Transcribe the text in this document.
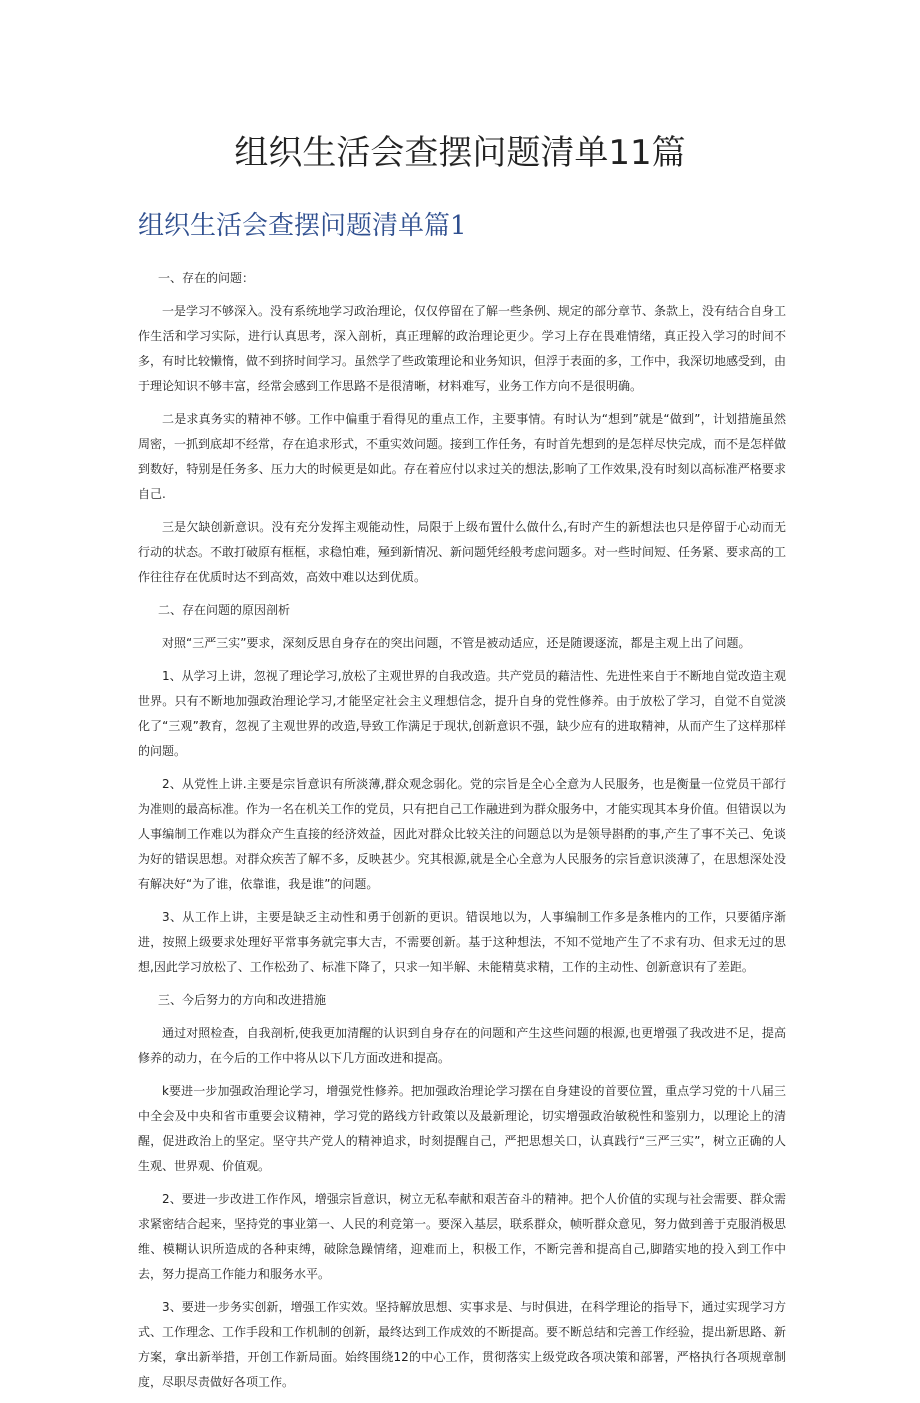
组织生活会查摆问题清单11篇
组织生活会查摆问题清单篇1

一、存在的问题：

一是学习不够深入。没有系统地学习政治理论，仅仅停留在了解一些条例、规定的部分章节、条款上，没有结合自身工作生活和学习实际，进行认真思考，深入剖析，真正理解的政治理论更少。学习上存在畏难情绪，真正投入学习的时间不多，有时比较懒惰，做不到挤时间学习。虽然学了些政策理论和业务知识，但浮于表面的多，工作中，我深切地感受到，由于理论知识不够丰富，经常会感到工作思路不是很清晰，材料难写，业务工作方向不是很明确。

二是求真务实的精神不够。工作中偏重于看得见的重点工作，主要事情。有时认为“想到”就是“做到”，计划措施虽然周密，一抓到底却不经常，存在追求形式，不重实效问题。接到工作任务，有时首先想到的是怎样尽快完成，而不是怎样做到数好，特别是任务多、压力大的时候更是如此。存在着应付以求过关的想法,影响了工作效果,没有时刻以高标准严格要求自己.

三是欠缺创新意识。没有充分发挥主观能动性，局限于上级布置什么做什么,有时产生的新想法也只是停留于心动而无行动的状态。不敢打破原有框框，求稳怕难，殛到新情况、新问题凭经般考虑问题多。对一些时间短、任务紧、要求高的工作往往存在优质时达不到高效，高效中难以达到优质。

二、存在问题的原因剖析

对照“三严三实”要求，深刻反思自身存在的突出问题，不管是被动适应，还是随谡逐流，都是主观上出了问题。

1、从学习上讲，忽视了理论学习,放松了主观世界的自我改造。共产党员的藉洁性、先进性来自于不断地自觉改造主观世界。只有不断地加强政治理论学习,才能坚定社会主义理想信念，提升自身的党性修养。由于放松了学习，自觉不自觉淡化了“三观”教育，忽视了主观世界的改造,导致工作满足于现状,创新意识不强，缺少应有的进取精神，从而产生了这样那样的问题。

2、从党性上讲.主要是宗旨意识有所淡薄,群众观念弱化。党的宗旨是全心全意为人民服务，也是衡量一位党员干部行为准则的最高标准。作为一名在机关工作的党员，只有把自己工作融进到为群众服务中，才能实现其本身价值。但错误以为人事编制工作难以为群众产生直接的经济效益，因此对群众比较关注的问题总以为是领导斟酌的事,产生了事不关己、免谈为好的错误思想。对群众疾苦了解不多，反映甚少。究其根源,就是全心全意为人民服务的宗旨意识淡薄了，在思想深处没有解决好“为了谁，依靠谁，我是谁”的问题。

3、从工作上讲，主要是缺乏主动性和勇于创新的更识。错误地以为，人事编制工作多是条椎内的工作，只要循序渐进，按照上级要求处理好平常事务就完事大吉，不需要创新。基于这种想法，不知不觉地产生了不求有功、但求无过的思想,因此学习放松了、工作松劲了、标准下降了，只求一知半解、未能精莫求精，工作的主动性、创新意识有了差距。

三、今后努力的方向和改进措施

通过对照检查，自我剖析,使我更加清醒的认识到自身存在的问题和产生这些问题的根源,也更增强了我改进不足，提高修养的动力，在今后的工作中将从以下几方面改进和提高。

k要进一步加强政治理论学习，增强党性修养。把加强政治理论学习摆在自身建设的首要位置，重点学习党的十八届三中全会及中央和省市重要会议精神，学习党的路线方针政策以及最新理论，切实增强政治敏税性和鉴别力，以理论上的清醒，促进政治上的坚定。坚守共产党人的精神追求，时刻提醒自己，严把思想关口，认真践行“三严三实”，树立正确的人生观、世界观、价值观。

2、要进一步改进工作作风，增强宗旨意识，树立无私奉献和艰苦奋斗的精神。把个人价值的实现与社会需要、群众需求紧密结合起来，坚持党的事业第一、人民的利竞第一。要深入基层，联系群众，帧听群众意见，努力做到善于克服消极思维、模糊认识所造成的各种束缚，破除急躁情绪，迎难而上，积极工作，不断完善和提高自己,脚踏实地的投入到工作中去，努力提高工作能力和服务水平。

3、要进一步务实创新，增强工作实效。坚持解放思想、实事求是、与时俱进，在科学理论的指导下，通过实现学习方式、工作理念、工作手段和工作机制的创新，最终达到工作成效的不断提高。要不断总结和完善工作经验，提出新思路、新方案，拿出新举措，开创工作新局面。始终围绕12的中心工作，贯彻落实上级党政各项决策和部署，严格执行各项规章制度，尽职尽责做好各项工作。
